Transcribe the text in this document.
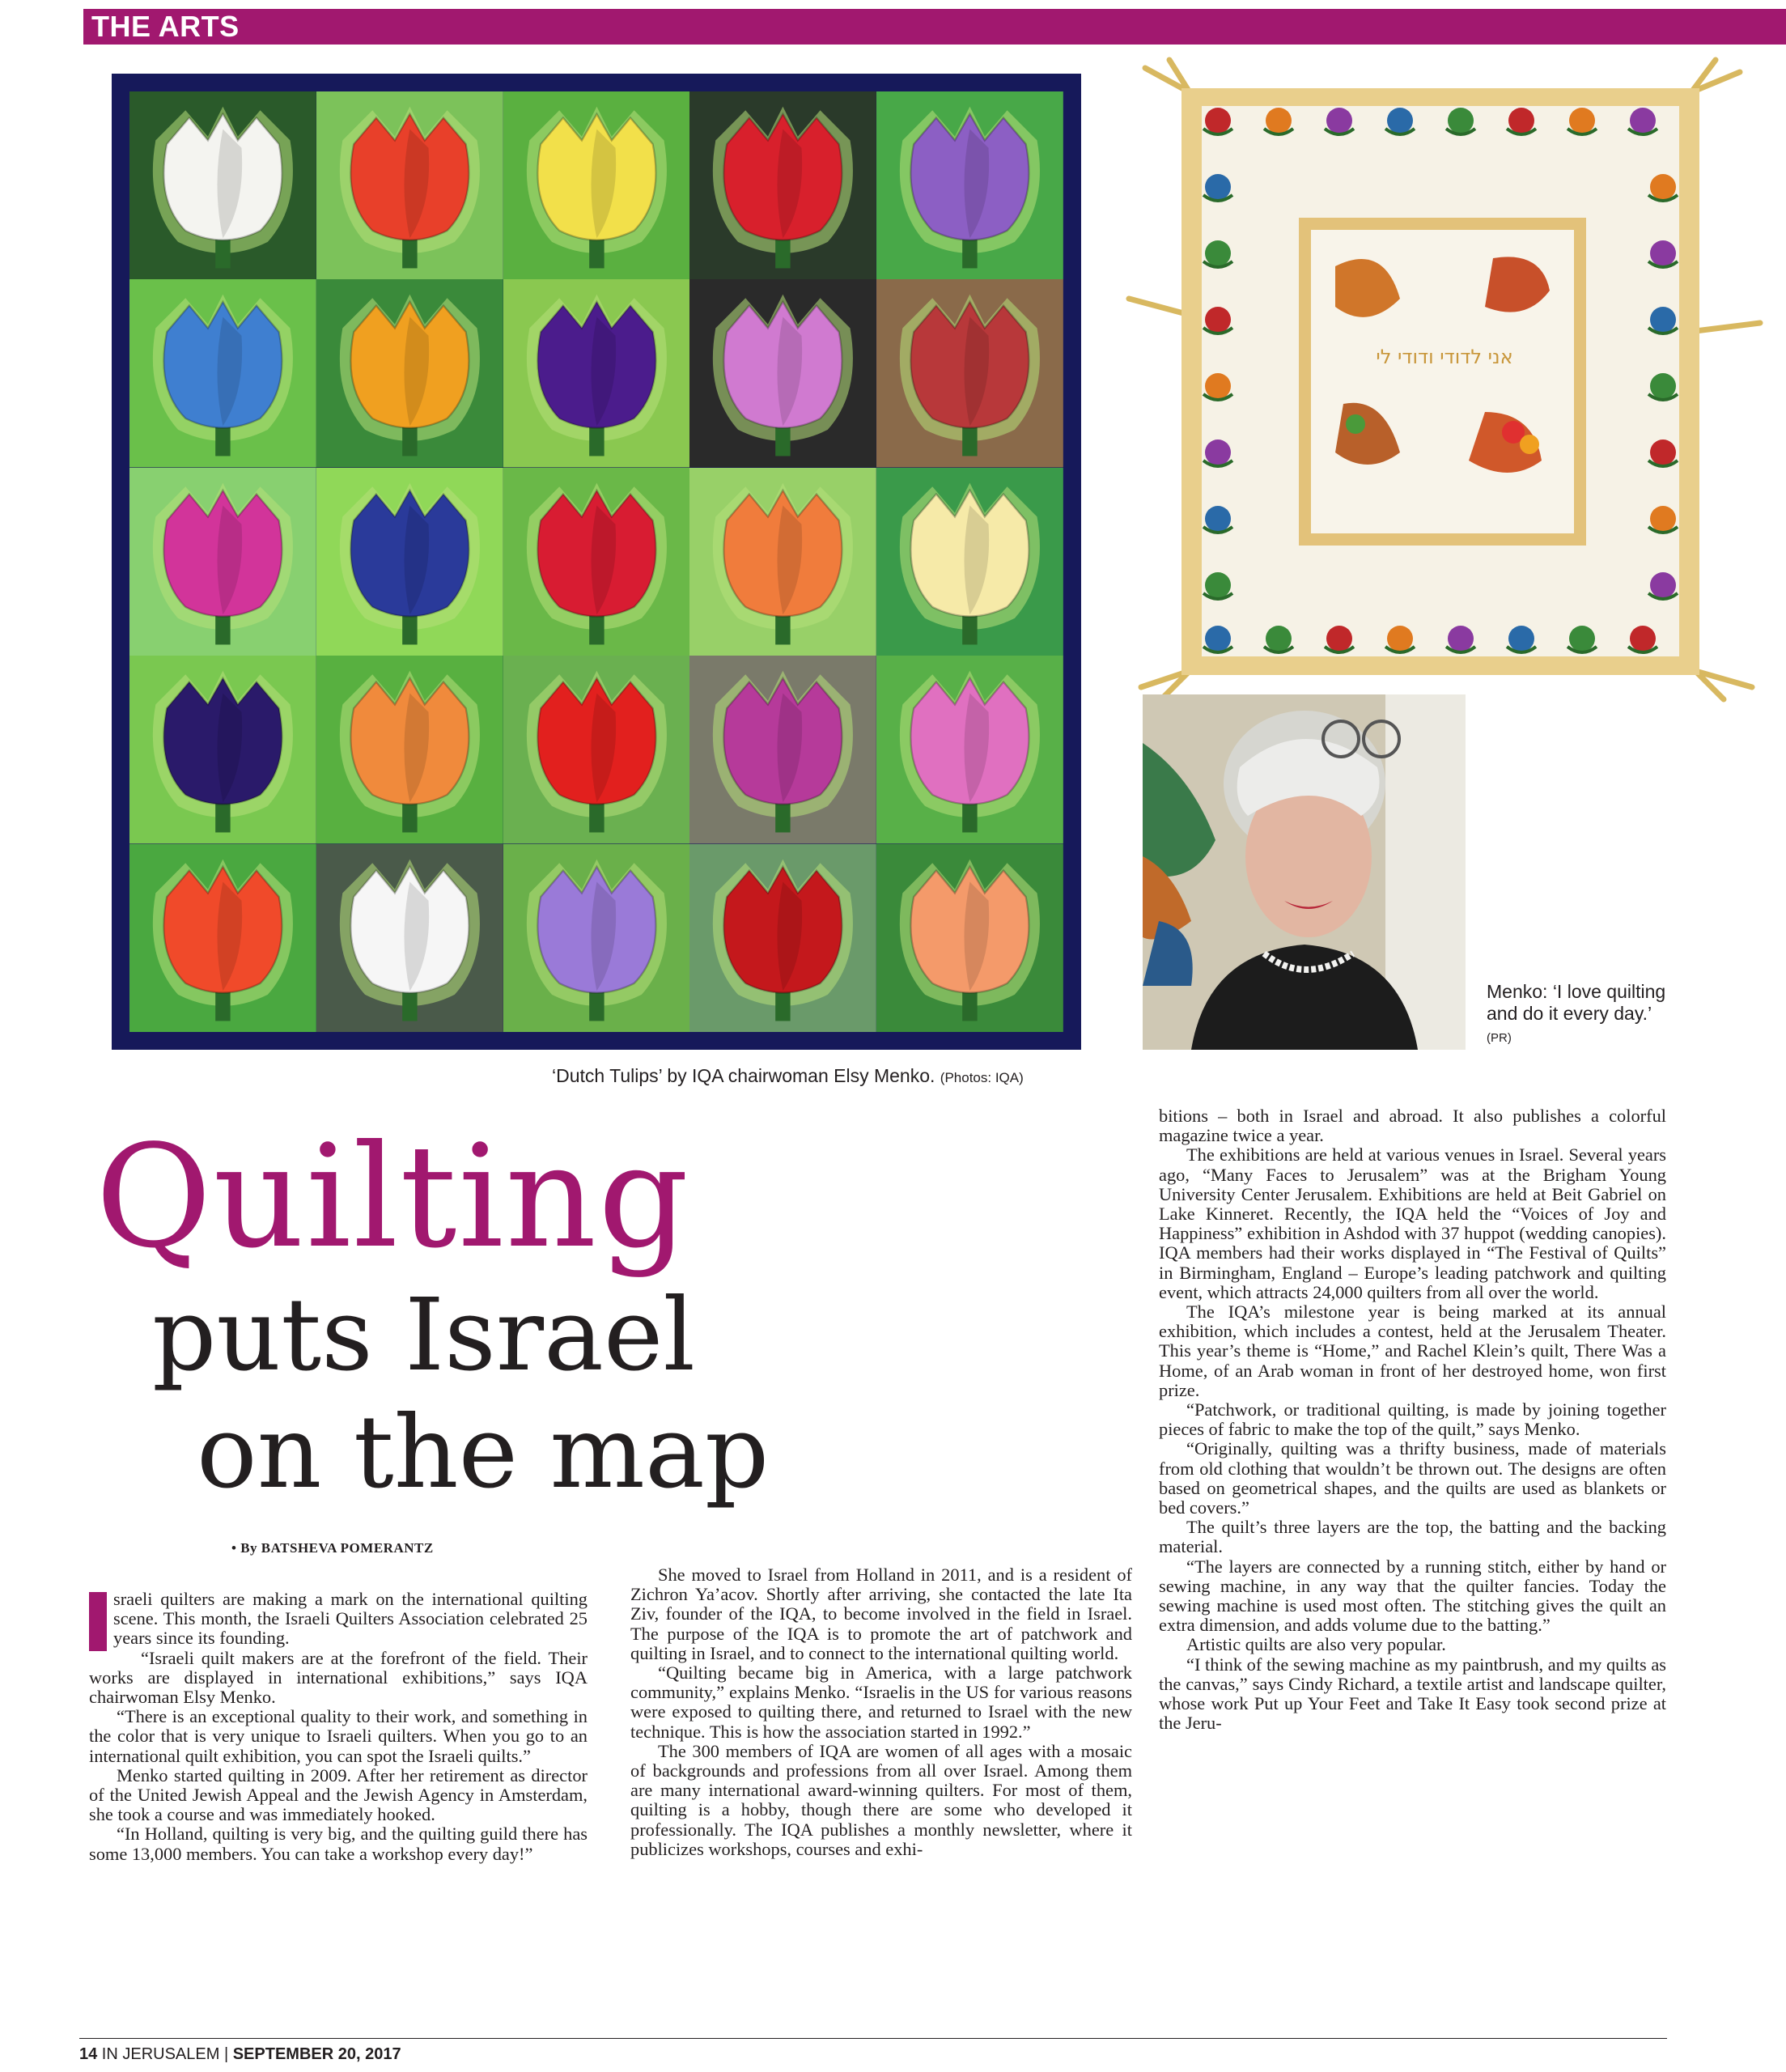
THE ARTS
אני לדודי ודודי לי
Menko: ‘I love quilting and do it every day.’ (PR)
‘Dutch Tulips’ by IQA chairwoman Elsy Menko. (Photos: IQA)
Quilting
puts Israel
on the map
• By BATSHEVA POMERANTZ

sraeli quilters are making a mark on the international quilting scene. This month, the Israeli Quilters Association celebrated 25 years since its founding.

“Israeli quilt makers are at the forefront of the field. Their works are displayed in international exhibitions,” says IQA chairwoman Elsy Menko.

“There is an exceptional quality to their work, and something in the color that is very unique to Israeli quilters. When you go to an international quilt exhibition, you can spot the Israeli quilts.”

Menko started quilting in 2009. After her retirement as director of the United Jewish Appeal and the Jewish Agency in Amsterdam, she took a course and was immediately hooked.

“In Holland, quilting is very big, and the quilting guild there has some 13,000 members. You can take a workshop every day!”

She moved to Israel from Holland in 2011, and is a resident of Zichron Ya’acov. Shortly after arriving, she contacted the late Ita Ziv, founder of the IQA, to become involved in the field in Israel. The purpose of the IQA is to promote the art of patchwork and quilting in Israel, and to connect to the international quilting world.

“Quilting became big in America, with a large patchwork community,” explains Menko. “Israelis in the US for various reasons were exposed to quilting there, and returned to Israel with the new technique. This is how the association started in 1992.”

The 300 members of IQA are women of all ages with a mosaic of backgrounds and professions from all over Israel. Among them are many international award-winning quilters. For most of them, quilting is a hobby, though there are some who developed it professionally. The IQA publishes a monthly newsletter, where it publicizes workshops, courses and exhi-

bitions – both in Israel and abroad. It also publishes a colorful magazine twice a year.

The exhibitions are held at various venues in Israel. Several years ago, “Many Faces to Jerusalem” was at the Brigham Young University Center Jerusalem. Exhibitions are held at Beit Gabriel on Lake Kinneret. Recently, the IQA held the “Voices of Joy and Happiness” exhibition in Ashdod with 37 huppot (wedding canopies). IQA members had their works displayed in “The Festival of Quilts” in Birmingham, England – Europe’s leading patchwork and quilting event, which attracts 24,000 quilters from all over the world.

The IQA’s milestone year is being marked at its annual exhibition, which includes a contest, held at the Jerusalem Theater. This year’s theme is “Home,” and Rachel Klein’s quilt, There Was a Home, of an Arab woman in front of her destroyed home, won first prize.

“Patchwork, or traditional quilting, is made by joining together pieces of fabric to make the top of the quilt,” says Menko.

“Originally, quilting was a thrifty business, made of materials from old clothing that wouldn’t be thrown out. The designs are often based on geometrical shapes, and the quilts are used as blankets or bed covers.”

The quilt’s three layers are the top, the batting and the backing material.

“The layers are connected by a running stitch, either by hand or sewing machine, in any way that the quilter fancies. Today the sewing machine is used most often. The stitching gives the quilt an extra dimension, and adds volume due to the batting.”

Artistic quilts are also very popular.

“I think of the sewing machine as my paintbrush, and my quilts as the canvas,” says Cindy Richard, a textile artist and landscape quilter, whose work Put up Your Feet and Take It Easy took second prize at the Jeru-

14 IN JERUSALEM | SEPTEMBER 20, 2017
